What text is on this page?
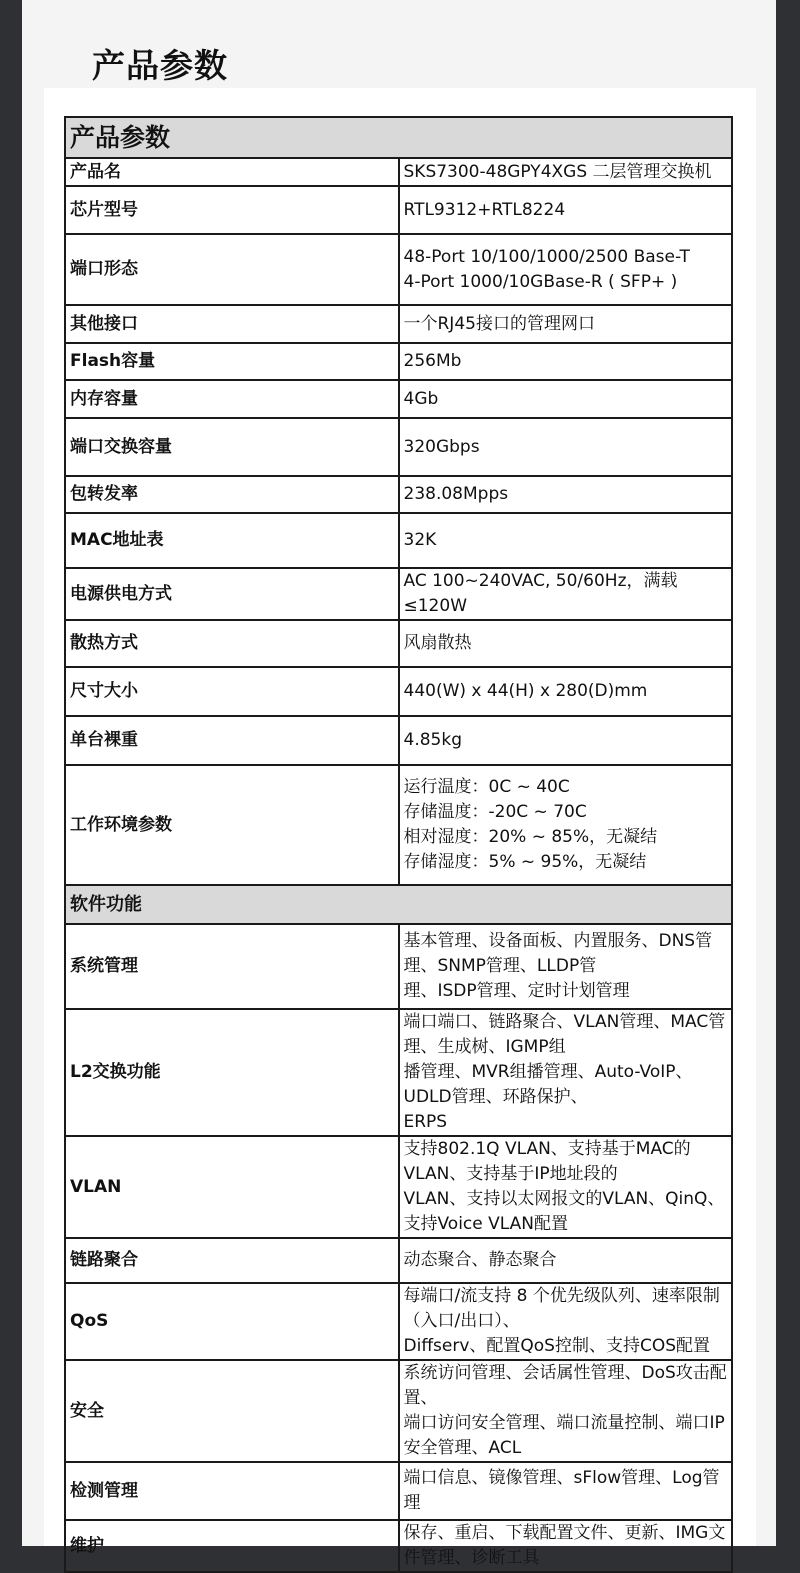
产品参数
产品参数	
产品名	SKS7300-48GPY4XGS 二层管理交换机

芯片型号	RTL9312+RTL8224

端口形态	48-Port 10/100/1000/2500 Base-T
4-Port 1000/10GBase-R ( SFP+ )

其他接口	一个RJ45接口的管理网口

Flash容量	256Mb

内存容量	4Gb

端口交换容量	320Gbps

包转发率	238.08Mpps

MAC地址表	32K

电源供电方式	AC 100~240VAC, 50/60Hz，满载≤120W

散热方式	风扇散热

尺寸大小	440(W) x 44(H) x 280(D)mm

单台裸重	4.85kg

工作环境参数	运行温度：0C ~ 40C
存储温度：-20C ~ 70C
相对湿度：20% ~ 85%，无凝结
存储湿度：5% ~ 95%，无凝结

软件功能	
系统管理	基本管理、设备面板、内置服务、DNS管理、SNMP管理、LLDP管
理、ISDP管理、定时计划管理

L2交换功能	端口端口、链路聚合、VLAN管理、MAC管理、生成树、IGMP组
播管理、MVR组播管理、Auto-VoIP、UDLD管理、环路保护、
ERPS

VLAN	支持802.1Q VLAN、支持基于MAC的VLAN、支持基于IP地址段的
VLAN、支持以太网报文的VLAN、QinQ、支持Voice VLAN配置

链路聚合	动态聚合、静态聚合

QoS	每端口/流支持 8 个优先级队列、速率限制（入口/出口）、
Diffserv、配置QoS控制、支持COS配置

安全	系统访问管理、会话属性管理、DoS攻击配置、
端口访问安全管理、端口流量控制、端口IP安全管理、ACL

检测管理	端口信息、镜像管理、sFlow管理、Log管理

维护	保存、重启、下载配置文件、更新、IMG文件管理、诊断工具
